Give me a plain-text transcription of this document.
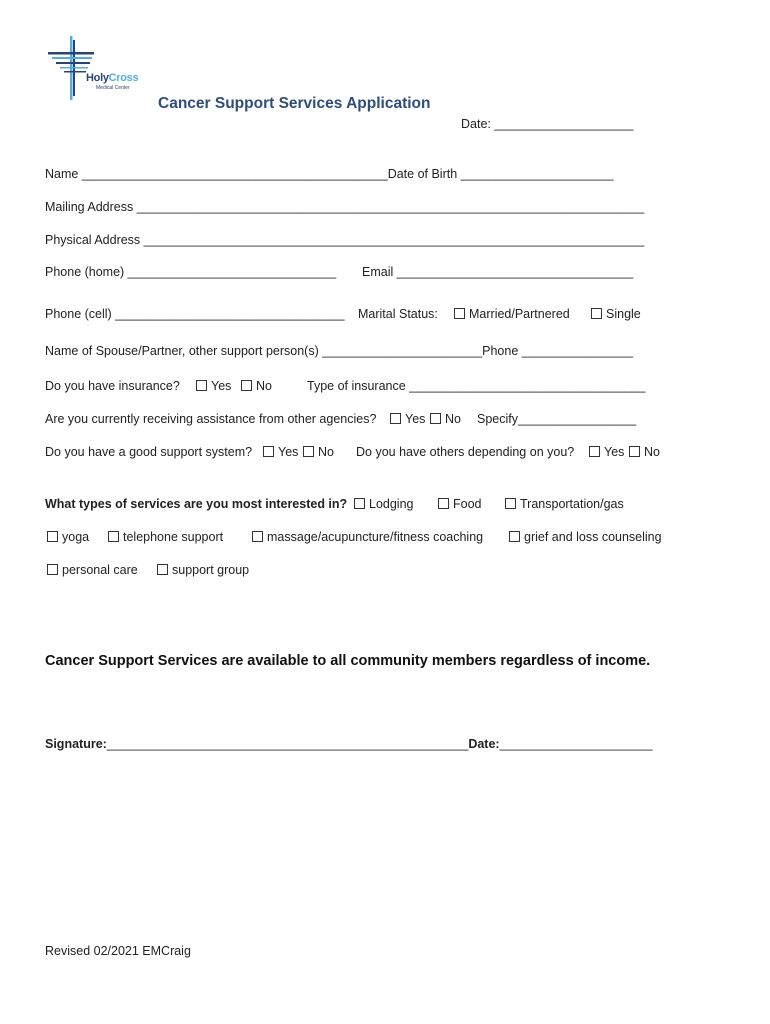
HolyCross
Medical Center
Cancer Support Services Application
Date: ____________________
Name ____________________________________________Date of Birth ______________________
Mailing Address _________________________________________________________________________
Physical Address ________________________________________________________________________
Phone (home) ______________________________ Email __________________________________
Phone (cell) _________________________________ Marital Status:	Married/Partnered	Single
Name of Spouse/Partner, other support person(s) _______________________Phone ________________
Do you have insurance?	Yes	No	Type of insurance __________________________________
Are you currently receiving assistance from other agencies?	Yes	No Specify_________________
Do you have a good support system?	Yes	No Do you have others depending on you?	Yes	No
What types of services are you most interested in?	Lodging	Food	Transportation/gas
yoga	telephone support	massage/acupuncture/fitness coaching	grief and loss counseling
personal care	support group
Cancer Support Services are available to all community members regardless of income.
Signature:____________________________________________________Date:______________________
Revised 02/2021 EMCraig
